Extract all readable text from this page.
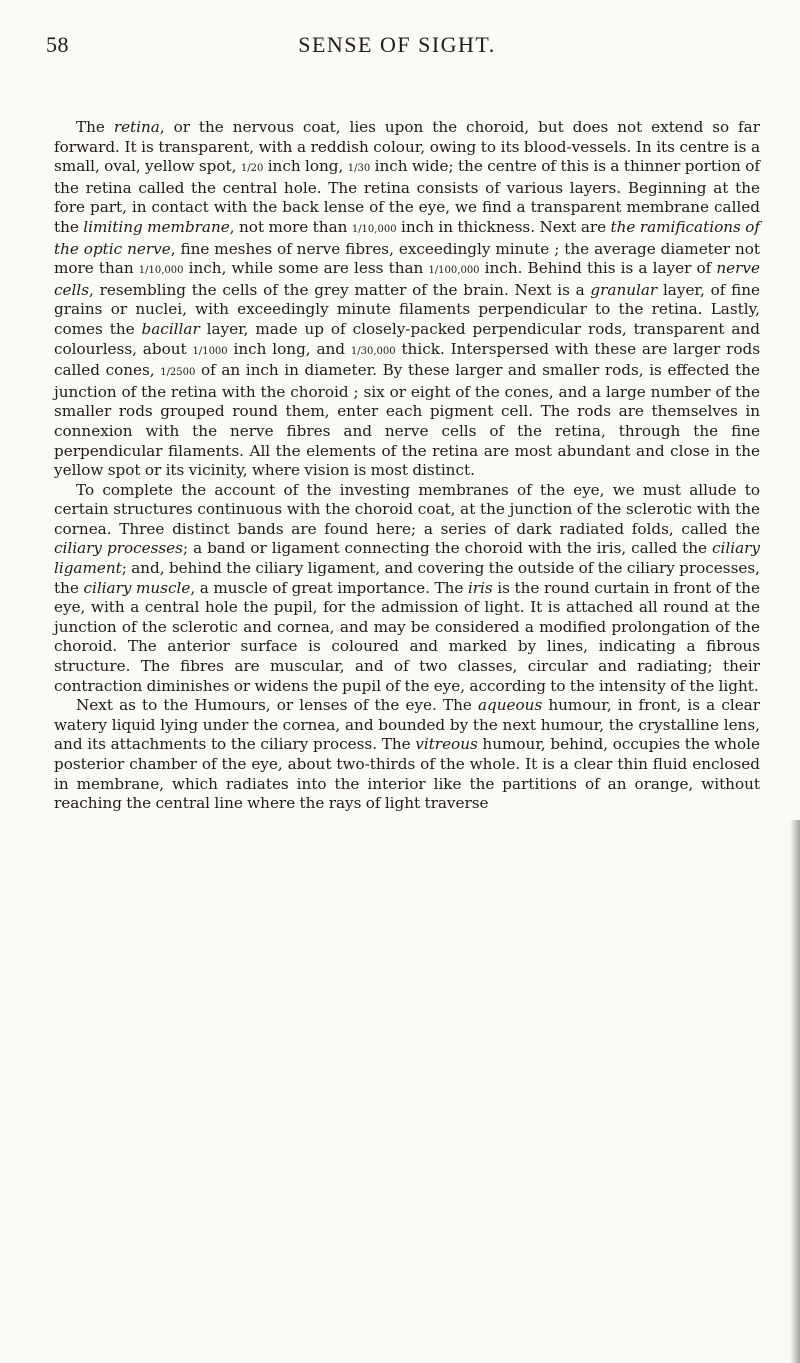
58	SENSE OF SIGHT.

The retina, or the nervous coat, lies upon the choroid, but does not extend so far forward. It is transparent, with a reddish colour, owing to its blood-vessels. In its centre is a small, oval, yellow spot, 1/20 inch long, 1/30 inch wide; the centre of this is a thinner portion of the retina called the central hole. The retina consists of various layers. Beginning at the fore part, in contact with the back lense of the eye, we find a transparent membrane called the limiting membrane, not more than 1/10,000 inch in thickness. Next are the ramifications of the optic nerve, fine meshes of nerve fibres, exceedingly minute ; the average diameter not more than 1/10,000 inch, while some are less than 1/100,000 inch. Behind this is a layer of nerve cells, resembling the cells of the grey matter of the brain. Next is a granular layer, of fine grains or nuclei, with exceedingly minute filaments perpendicular to the retina. Lastly, comes the bacillar layer, made up of closely-packed perpendicular rods, transparent and colourless, about 1/1000 inch long, and 1/30,000 thick. Interspersed with these are larger rods called cones, 1/2500 of an inch in diameter. By these larger and smaller rods, is effected the junction of the retina with the choroid ; six or eight of the cones, and a large number of the smaller rods grouped round them, enter each pigment cell. The rods are themselves in connexion with the nerve fibres and nerve cells of the retina, through the fine perpendicular filaments. All the elements of the retina are most abundant and close in the yellow spot or its vicinity, where vision is most distinct.

To complete the account of the investing membranes of the eye, we must allude to certain structures continuous with the choroid coat, at the junction of the sclerotic with the cornea. Three distinct bands are found here; a series of dark radiated folds, called the ciliary processes; a band or ligament connecting the choroid with the iris, called the ciliary ligament; and, behind the ciliary ligament, and covering the outside of the ciliary processes, the ciliary muscle, a muscle of great importance. The iris is the round curtain in front of the eye, with a central hole the pupil, for the admission of light. It is attached all round at the junction of the sclerotic and cornea, and may be considered a modified prolongation of the choroid. The anterior surface is coloured and marked by lines, indicating a fibrous structure. The fibres are muscular, and of two classes, circular and radiating; their contraction diminishes or widens the pupil of the eye, according to the intensity of the light.

Next as to the Humours, or lenses of the eye. The aqueous humour, in front, is a clear watery liquid lying under the cornea, and bounded by the next humour, the crystalline lens, and its attachments to the ciliary process. The vitreous humour, behind, occupies the whole posterior chamber of the eye, about two-thirds of the whole. It is a clear thin fluid enclosed in membrane, which radiates into the interior like the partitions of an orange, without reaching the central line where the rays of light traverse
